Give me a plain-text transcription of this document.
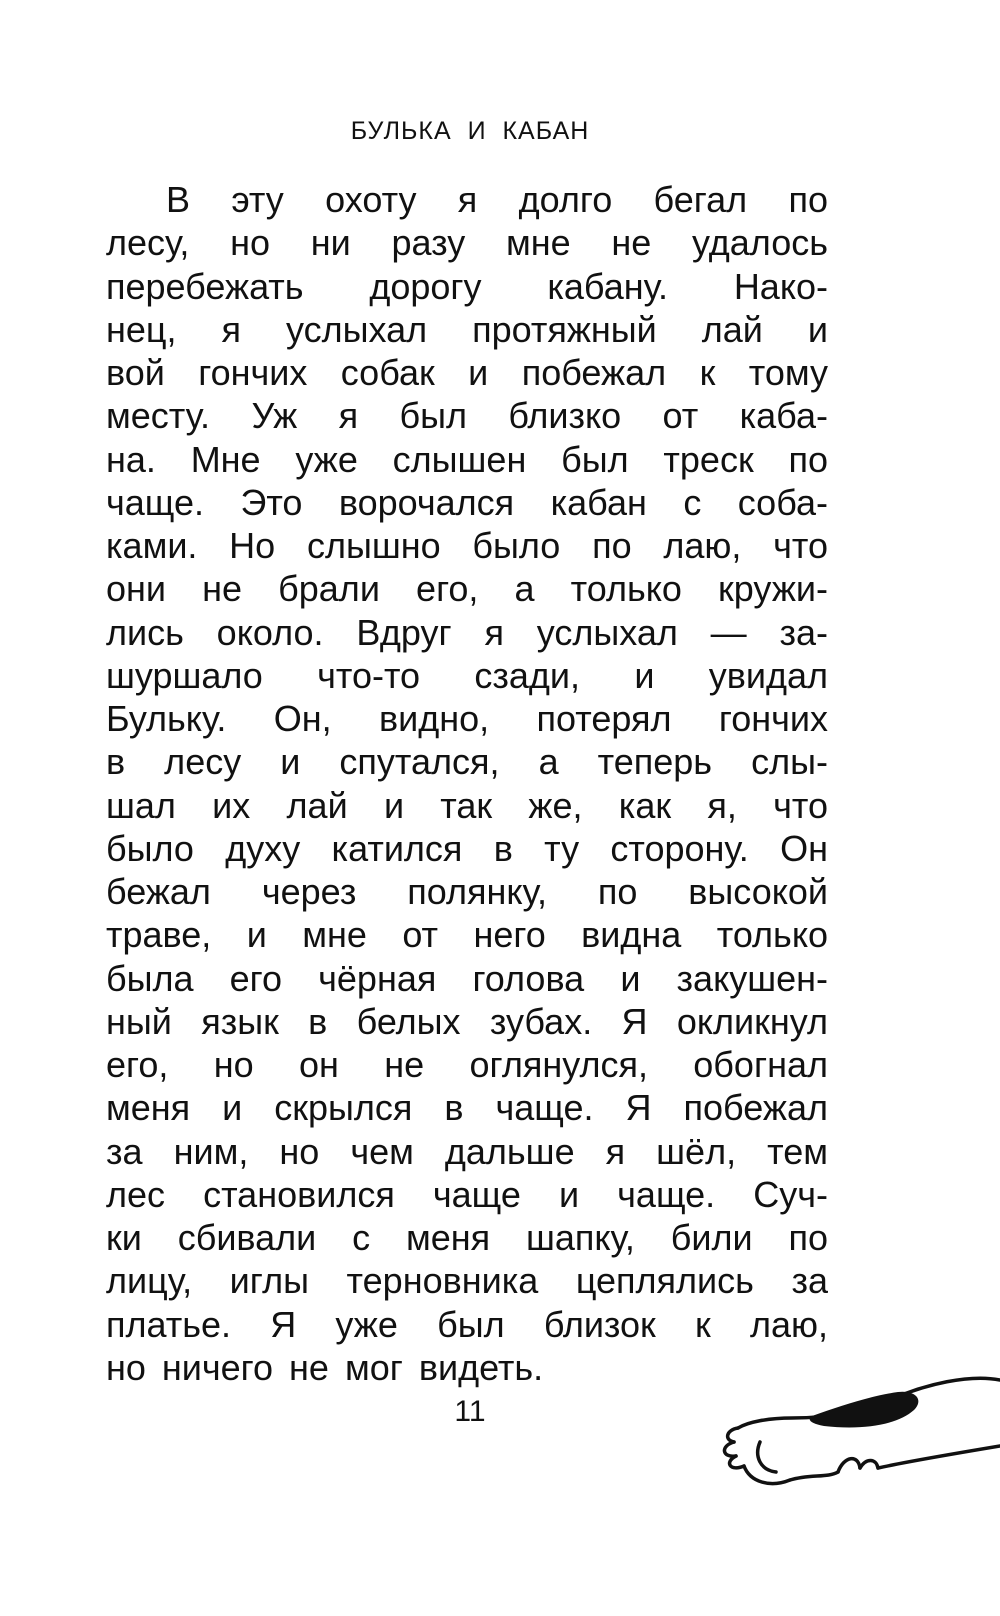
БУЛЬКА И КАБАН
В эту охоту я долго бегал по
лесу, но ни разу мне не удалось
перебежать дорогу кабану. Нако-
нец, я услыхал протяжный лай и
вой гончих собак и побежал к тому
месту. Уж я был близко от каба-
на. Мне уже слышен был треск по
чаще. Это ворочался кабан с соба-
ками. Но слышно было по лаю, что
они не брали его, а только кружи-
лись около. Вдруг я услыхал — за-
шуршало что-то сзади, и увидал
Бульку. Он, видно, потерял гончих
в лесу и спутался, а теперь слы-
шал их лай и так же, как я, что
было духу катился в ту сторону. Он
бежал через полянку, по высокой
траве, и мне от него видна только
была его чёрная голова и закушен-
ный язык в белых зубах. Я окликнул
его, но он не оглянулся, обогнал
меня и скрылся в чаще. Я побежал
за ним, но чем дальше я шёл, тем
лес становился чаще и чаще. Суч-
ки сбивали с меня шапку, били по
лицу, иглы терновника цеплялись за
платье. Я уже был близок к лаю,
но ничего не мог видеть.
11
